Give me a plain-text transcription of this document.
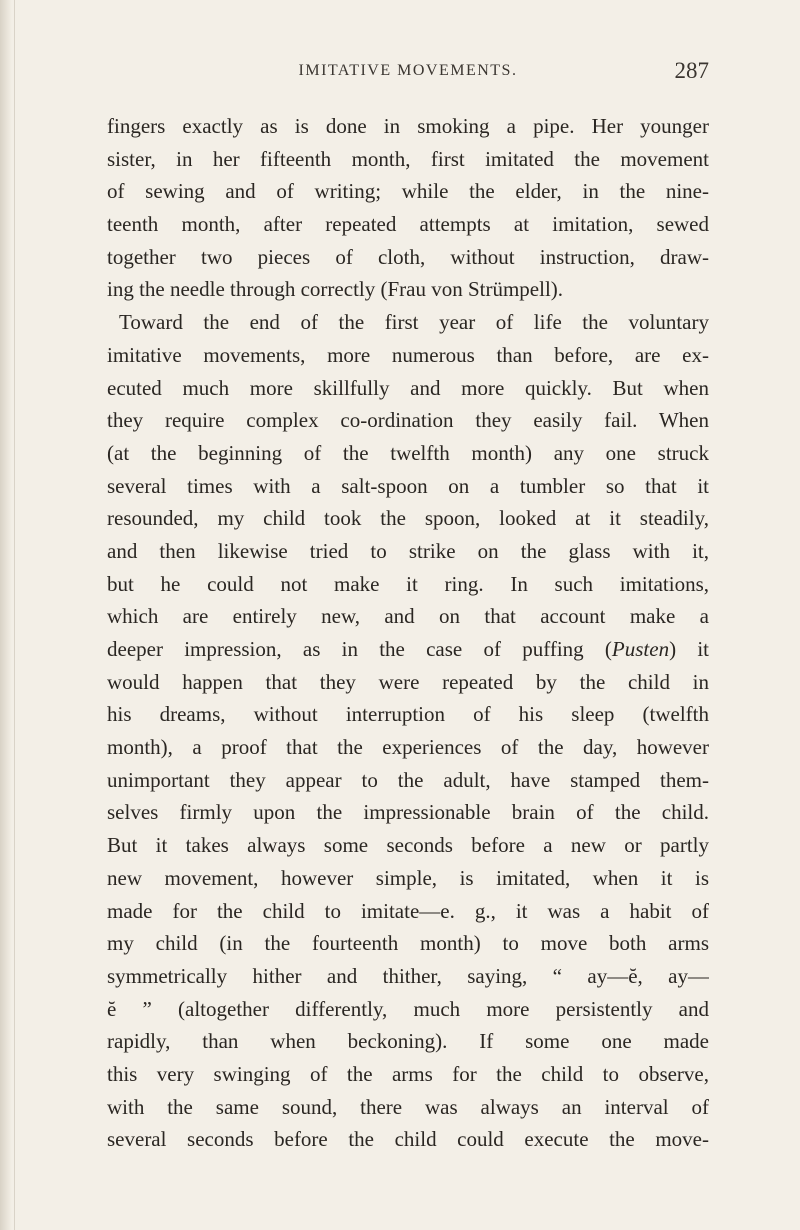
IMITATIVE MOVEMENTS.	287
fingers exactly as is done in smoking a pipe. Her younger
sister, in her fifteenth month, first imitated the movement
of sewing and of writing; while the elder, in the nine-
teenth month, after repeated attempts at imitation, sewed
together two pieces of cloth, without instruction, draw-
ing the needle through correctly (Frau von Strümpell).
Toward the end of the first year of life the voluntary
imitative movements, more numerous than before, are ex-
ecuted much more skillfully and more quickly. But when
they require complex co-ordination they easily fail. When
(at the beginning of the twelfth month) any one struck
several times with a salt-spoon on a tumbler so that it
resounded, my child took the spoon, looked at it steadily,
and then likewise tried to strike on the glass with it,
but he could not make it ring. In such imitations,
which are entirely new, and on that account make a
deeper impression, as in the case of puffing (Pusten) it
would happen that they were repeated by the child in
his dreams, without interruption of his sleep (twelfth
month), a proof that the experiences of the day, however
unimportant they appear to the adult, have stamped them-
selves firmly upon the impressionable brain of the child.
But it takes always some seconds before a new or partly
new movement, however simple, is imitated, when it is
made for the child to imitate—e. g., it was a habit of
my child (in the fourteenth month) to move both arms
symmetrically hither and thither, saying, “ ay—ĕ, ay—
ĕ ” (altogether differently, much more persistently and
rapidly, than when beckoning). If some one made
this very swinging of the arms for the child to observe,
with the same sound, there was always an interval of
several seconds before the child could execute the move-
